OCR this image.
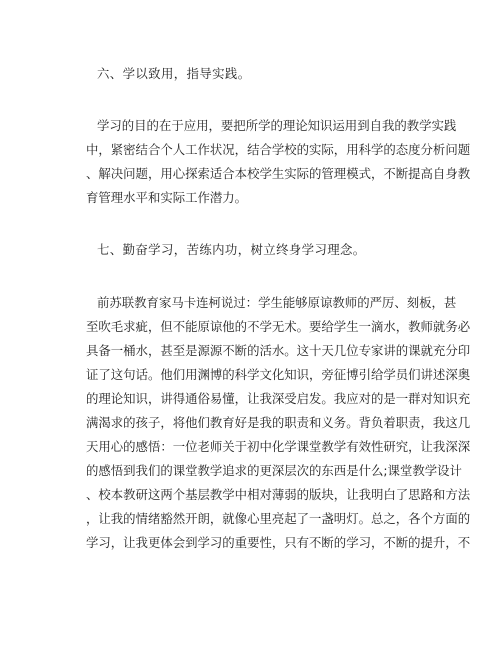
六、学以致用，指导实践。
学习的目的在于应用，要把所学的理论知识运用到自我的教学实践
中，紧密结合个人工作状况，结合学校的实际，用科学的态度分析问题
、解决问题，用心探索适合本校学生实际的管理模式，不断提高自身教
育管理水平和实际工作潜力。
七、勤奋学习，苦练内功，树立终身学习理念。
前苏联教育家马卡连柯说过：学生能够原谅教师的严厉、刻板，甚
至吹毛求疵，但不能原谅他的不学无术。要给学生一滴水，教师就务必
具备一桶水，甚至是源源不断的活水。这十天几位专家讲的课就充分印
证了这句话。他们用渊博的科学文化知识，旁征博引给学员们讲述深奥
的理论知识，讲得通俗易懂，让我深受启发。我应对的是一群对知识充
满渴求的孩子，将他们教育好是我的职责和义务。背负着职责，我这几
天用心的感悟：一位老师关于初中化学课堂教学有效性研究，让我深深
的感悟到我们的课堂教学追求的更深层次的东西是什么;课堂教学设计
、校本教研这两个基层教学中相对薄弱的版块，让我明白了思路和方法
，让我的情绪豁然开朗，就像心里亮起了一盏明灯。总之，各个方面的
学习，让我更体会到学习的重要性，只有不断的学习，不断的提升，不
